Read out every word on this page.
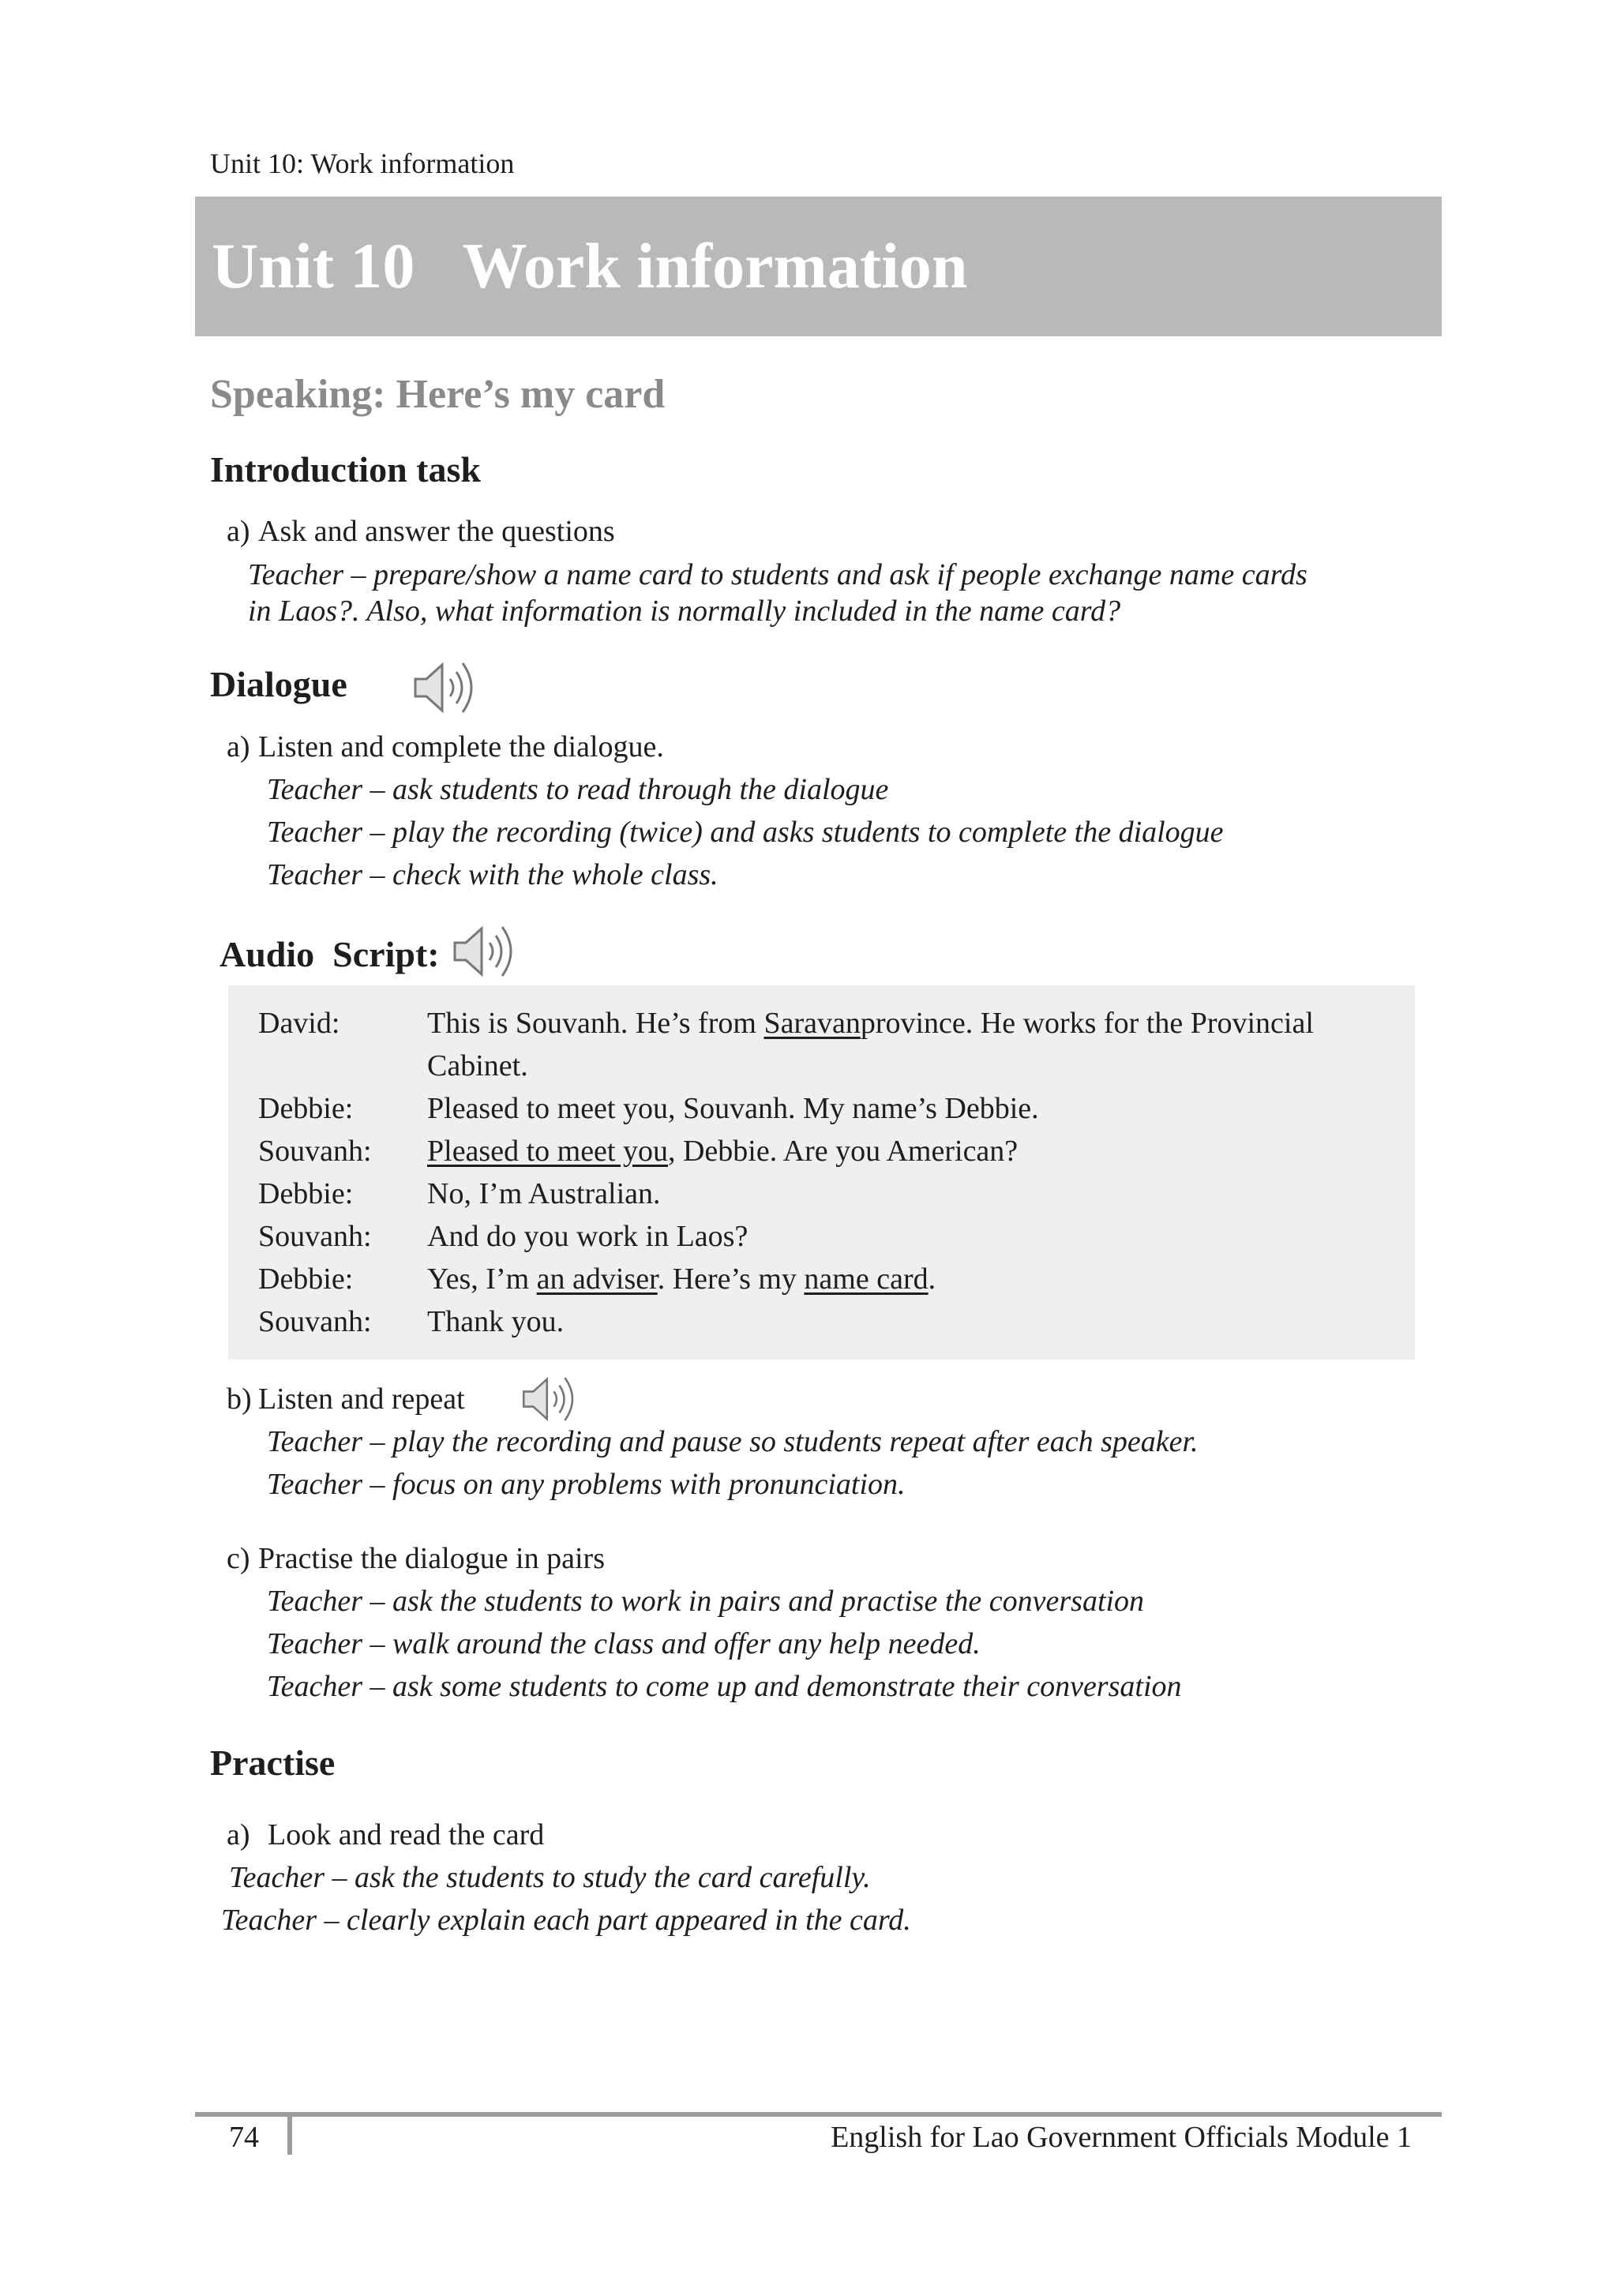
Unit 10: Work information
Unit 10 Work information
Speaking: Here’s my card
Introduction task
a) Ask and answer the questions
Teacher – prepare/show a name card to students and ask if people exchange name cards
in Laos?. Also, what information is normally included in the name card?
Dialogue
a) Listen and complete the dialogue.
Teacher – ask students to read through the dialogue
Teacher – play the recording (twice) and asks students to complete the dialogue
Teacher – check with the whole class.
Audio  Script:
David:	This is Souvanh. He’s from Saravanprovince. He works for the Provincial
Cabinet.
Debbie: Pleased to meet you, Souvanh. My name’s Debbie.
Souvanh: Pleased to meet you, Debbie. Are you American?
Debbie: No, I’m Australian.
Souvanh: And do you work in Laos?
Debbie: Yes, I’m an adviser. Here’s my name card.
Souvanh: Thank you.
b) Listen and repeat
Teacher – play the recording and pause so students repeat after each speaker.
Teacher – focus on any problems with pronunciation.
c) Practise the dialogue in pairs
Teacher – ask the students to work in pairs and practise the conversation
Teacher – walk around the class and offer any help needed.
Teacher – ask some students to come up and demonstrate their conversation
Practise
a) Look and read the card
Teacher – ask the students to study the card carefully.
Teacher – clearly explain each part appeared in the card.
74	English for Lao Government Officials Module 1
